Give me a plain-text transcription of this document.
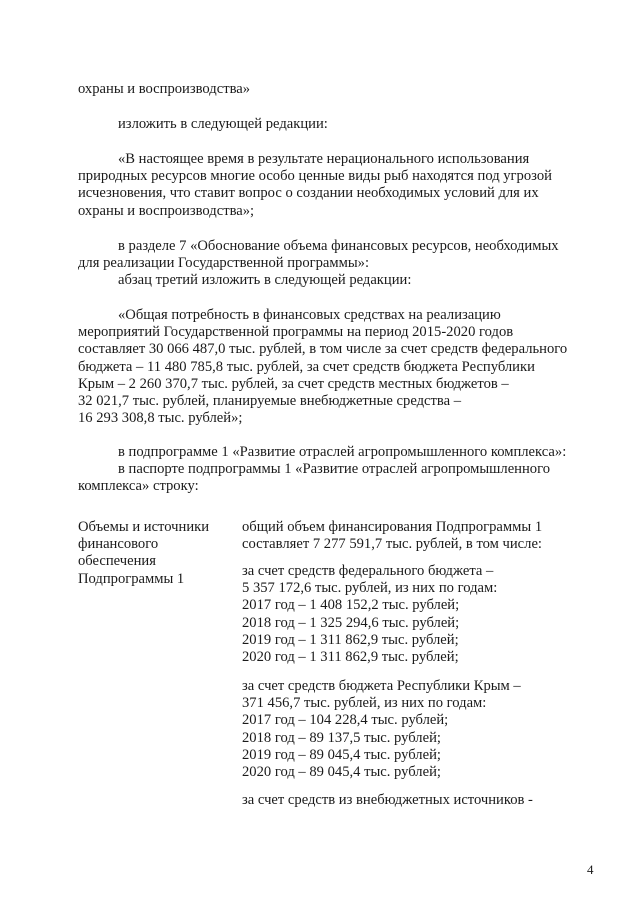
охраны и воспроизводства»

изложить в следующей редакции:

«В настоящее время в результате нерационального использования
природных ресурсов многие особо ценные виды рыб находятся под угрозой
исчезновения, что ставит вопрос о создании необходимых условий для их
охраны и воспроизводства»;

в разделе 7 «Обоснование объема финансовых ресурсов, необходимых
для реализации Государственной программы»:

абзац третий изложить в следующей редакции:

«Общая потребность в финансовых средствах на реализацию
мероприятий Государственной программы на период 2015-2020 годов
составляет 30 066 487,0 тыс. рублей, в том числе за счет средств федерального
бюджета – 11 480 785,8 тыс. рублей, за счет средств бюджета Республики
Крым – 2 260 370,7 тыс. рублей, за счет средств местных бюджетов –
32 021,7 тыс. рублей, планируемые внебюджетные средства –
16 293 308,8 тыс. рублей»;

в подпрограмме 1 «Развитие отраслей агропромышленного комплекса»:

в паспорте подпрограммы 1 «Развитие отраслей агропромышленного
комплекса» строку:

Объемы и источники
финансового
обеспечения
Подпрограммы 1
общий объем финансирования Подпрограммы 1
составляет 7 277 591,7 тыс. рублей, в том числе:
за счет средств федерального бюджета –
5 357 172,6 тыс. рублей, из них по годам:
2017 год – 1 408 152,2 тыс. рублей;
2018 год – 1 325 294,6 тыс. рублей;
2019 год – 1 311 862,9 тыс. рублей;
2020 год – 1 311 862,9 тыс. рублей;
за счет средств бюджета Республики Крым –
371 456,7 тыс. рублей, из них по годам:
2017 год – 104 228,4 тыс. рублей;
2018 год – 89 137,5 тыс. рублей;
2019 год – 89 045,4 тыс. рублей;
2020 год – 89 045,4 тыс. рублей;
за счет средств из внебюджетных источников -
4
